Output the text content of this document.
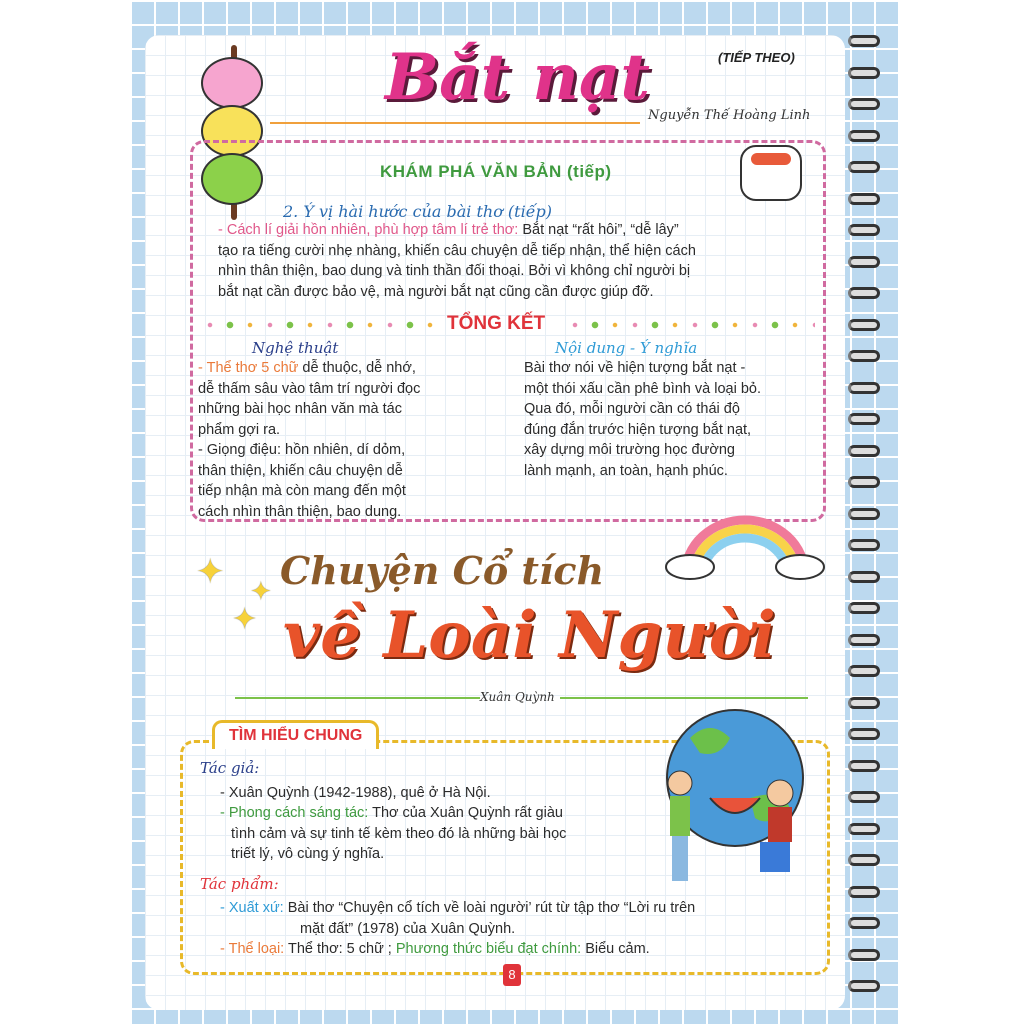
(TIẾP THEO)
Bắt nạt
Nguyễn Thế Hoàng Linh
KHÁM PHÁ VĂN BẢN (tiếp)
2. Ý vị hài hước của bài thơ (tiếp)
- Cách lí giải hồn nhiên, phù hợp tâm lí trẻ thơ: Bắt nạt “rất hôi”, “dễ lây”
tạo ra tiếng cười nhẹ nhàng, khiến câu chuyện dễ tiếp nhận, thể hiện cách
nhìn thân thiện, bao dung và tinh thần đối thoại. Bởi vì không chỉ người bị
bắt nạt cần được bảo vệ, mà người bắt nạt cũng cần được giúp đỡ.
TỔNG KẾT
Nghệ thuật
- Thể thơ 5 chữ dễ thuộc, dễ nhớ,
dễ thấm sâu vào tâm trí người đọc
những bài học nhân văn mà tác
phẩm gợi ra.
- Giọng điệu: hồn nhiên, dí dỏm,
thân thiện, khiến câu chuyện dễ
tiếp nhận mà còn mang đến một
cách nhìn thân thiện, bao dung.
Nội dung - Ý nghĩa
Bài thơ nói về hiện tượng bắt nạt -
một thói xấu cần phê bình và loại bỏ.
Qua đó, mỗi người cần có thái độ
đúng đắn trước hiện tượng bắt nạt,
xây dựng môi trường học đường
lành mạnh, an toàn, hạnh phúc.
✦ ✦
✦
Chuyện Cổ tích
về Loài Người
Xuân Quỳnh
TÌM HIỂU CHUNG
Tác giả:
- Xuân Quỳnh (1942-1988), quê ở Hà Nội.
- Phong cách sáng tác: Thơ của Xuân Quỳnh rất giàu
tình cảm và sự tinh tế kèm theo đó là những bài học
triết lý, vô cùng ý nghĩa.
Tác phẩm:
- Xuất xứ: Bài thơ “Chuyện cổ tích về loài người’ rút từ tập thơ “Lời ru trên
mặt đất” (1978) của Xuân Quỳnh.
- Thể loại: Thể thơ: 5 chữ ; Phương thức biểu đạt chính: Biểu cảm.
8
